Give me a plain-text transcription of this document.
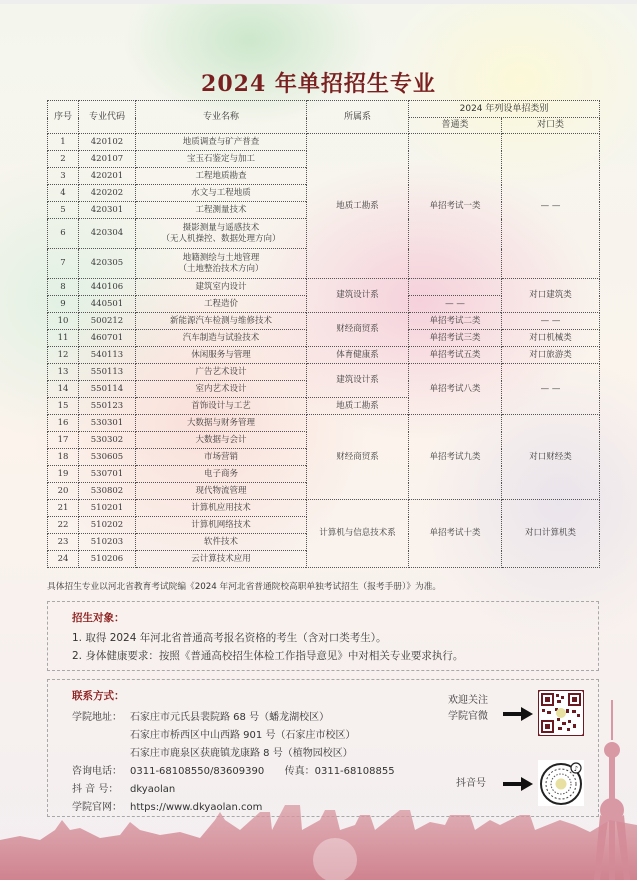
2024 年单招招生专业
序号	专业代码	专业名称	所属系	2024 年列设单招类别	
				普通类	对口类
1	420102	地质调查与矿产普查	地质工勘系	单招考试一类	— —
2	420107	宝玉石鉴定与加工			
3	420201	工程地质勘查			
4	420202	水文与工程地质			
5	420301	工程测量技术			
6	420304	摄影测量与遥感技术
（无人机操控、数据处理方向）			

7	420305	地籍测绘与土地管理
（土地整治技术方向）			

8	440106	建筑室内设计	建筑设计系		对口建筑类
9	440501	工程造价		— —	
10	500212	新能源汽车检测与维修技术	财经商贸系	单招考试二类	— —
11	460701	汽车制造与试验技术		单招考试三类	对口机械类
12	540113	休闲服务与管理	体育健康系	单招考试五类	对口旅游类
13	550113	广告艺术设计	建筑设计系	单招考试八类	— —
14	550114	室内艺术设计			
15	550123	首饰设计与工艺	地质工勘系		
16	530301	大数据与财务管理	财经商贸系	单招考试九类	对口财经类
17	530302	大数据与会计			
18	530605	市场营销			
19	530701	电子商务			
20	530802	现代物流管理			
21	510201	计算机应用技术	计算机与信息技术系	单招考试十类	对口计算机类
22	510202	计算机网络技术			
23	510203	软件技术			
24	510206	云计算技术应用			
具体招生专业以河北省教育考试院编《2024 年河北省普通院校高职单独考试招生（报考手册）》为准。
招生对象：
1. 取得 2024 年河北省普通高考报名资格的考生（含对口类考生）。
2. 身体健康要求：按照《普通高校招生体检工作指导意见》中对相关专业要求执行。
联系方式：
学院地址： 石家庄市元氏县裴院路 68 号（蟠龙湖校区）
石家庄市桥西区中山西路 901 号（石家庄市校区）
石家庄市鹿泉区获鹿镇龙康路 8 号（植物园校区）
咨询电话： 0311-68108550/83609390 传真：0311-68108855
抖 音 号： dkyaolan
学院官网： https://www.dkyaolan.com
欢迎关注
学院官微
抖音号
♪
